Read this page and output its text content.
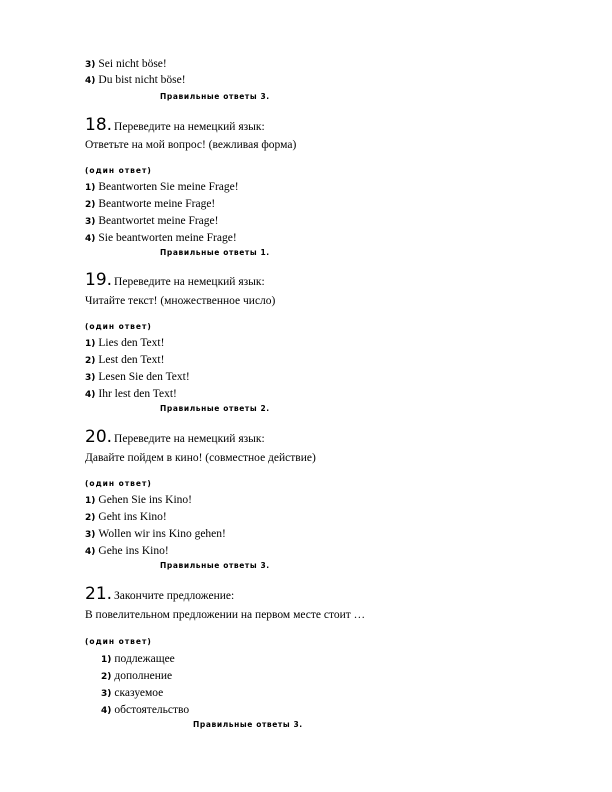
3) Sei nicht böse!
4) Du bist nicht böse!
Правильные ответы 3.
18. Переведите на немецкий язык:
Ответьте на мой вопрос! (вежливая форма)
(один ответ)
1) Beantworten Sie meine Frage!
2) Beantworte meine Frage!
3) Beantwortet meine Frage!
4) Sie beantworten meine Frage!
Правильные ответы 1.
19. Переведите на немецкий язык:
Читайте текст! (множественное число)
(один ответ)
1) Lies den Text!
2) Lest den Text!
3) Lesen Sie den Text!
4) Ihr lest den Text!
Правильные ответы 2.
20. Переведите на немецкий язык:
Давайте пойдем в кино! (совместное действие)
(один ответ)
1) Gehen Sie ins Kino!
2) Geht ins Kino!
3) Wollen wir ins Kino gehen!
4) Gehe ins Kino!
Правильные ответы 3.
21. Закончите предложение:
В повелительном предложении на первом месте стоит …
(один ответ)
1) подлежащее
2) дополнение
3) сказуемое
4) обстоятельство
Правильные ответы 3.
